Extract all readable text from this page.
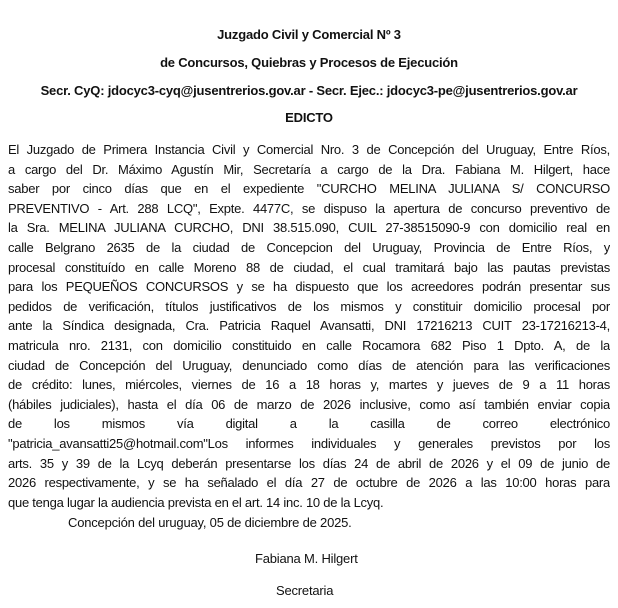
Juzgado Civil y Comercial Nº 3
de Concursos, Quiebras y Procesos de Ejecución
Secr. CyQ: jdocyc3-cyq@jusentrerios.gov.ar - Secr. Ejec.: jdocyc3-pe@jusentrerios.gov.ar
EDICTO
El Juzgado de Primera Instancia Civil y Comercial Nro. 3 de Concepción del Uruguay, Entre Ríos,
a cargo del Dr. Máximo Agustín Mir, Secretaría a cargo de la Dra. Fabiana M. Hilgert, hace
saber por cinco días que en el expediente "CURCHO MELINA JULIANA S/ CONCURSO
PREVENTIVO - Art. 288 LCQ", Expte. 4477C, se dispuso la apertura de concurso preventivo de
la Sra. MELINA JULIANA CURCHO, DNI 38.515.090, CUIL 27-38515090-9 con domicilio real en
calle Belgrano 2635 de la ciudad de Concepcion del Uruguay, Provincia de Entre Ríos, y
procesal constituído en calle Moreno 88 de ciudad, el cual tramitará bajo las pautas previstas
para los PEQUEÑOS CONCURSOS y se ha dispuesto que los acreedores podrán presentar sus
pedidos de verificación, títulos justificativos de los mismos y constituir domicilio procesal por
ante la Síndica designada, Cra. Patricia Raquel Avansatti, DNI 17216213 CUIT 23-17216213-4,
matricula nro. 2131, con domicilio constituido en calle Rocamora 682 Piso 1 Dpto. A, de la
ciudad de Concepción del Uruguay, denunciado como días de atención para las verificaciones
de crédito: lunes, miércoles, viernes de 16 a 18 horas y, martes y jueves de 9 a 11 horas
(hábiles judiciales), hasta el día 06 de marzo de 2026 inclusive, como así también enviar copia
de los mismos vía digital a la casilla de correo electrónico
"patricia_avansatti25@hotmail.com"Los informes individuales y generales previstos por los
arts. 35 y 39 de la Lcyq deberán presentarse los días 24 de abril de 2026 y el 09 de junio de
2026 respectivamente, y se ha señalado el día 27 de octubre de 2026 a las 10:00 horas para
que tenga lugar la audiencia prevista en el art. 14 inc. 10 de la Lcyq.
Concepción del uruguay, 05 de diciembre de 2025.
Fabiana M. Hilgert
Secretaria
